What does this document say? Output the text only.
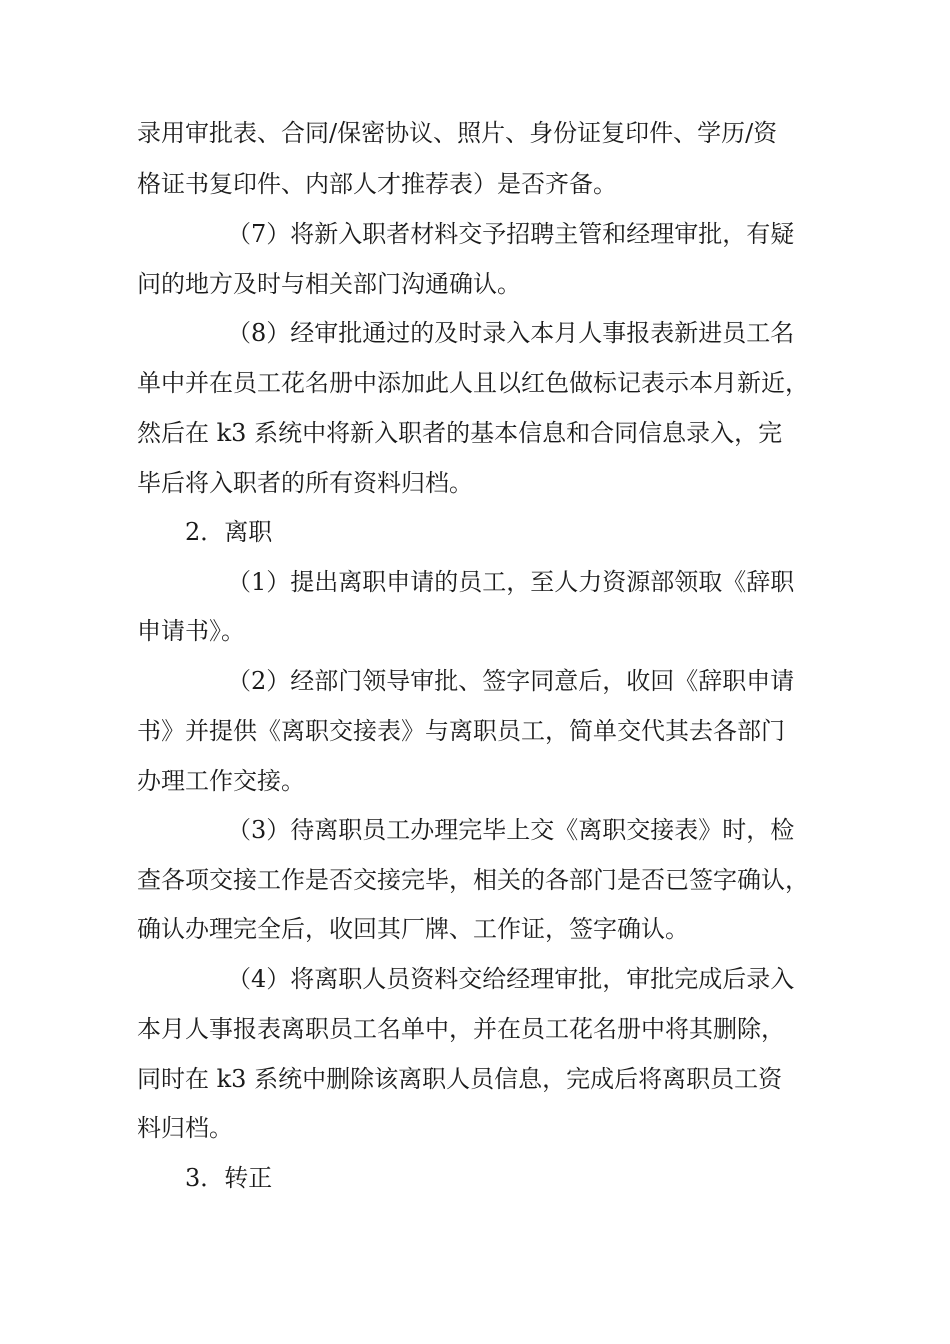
录用审批表、合同/保密协议、照片、身份证复印件、学历/资
格证书复印件、内部人才推荐表）是否齐备。
（7）将新入职者材料交予招聘主管和经理审批，有疑
问的地方及时与相关部门沟通确认。
（8）经审批通过的及时录入本月人事报表新进员工名
单中并在员工花名册中添加此人且以红色做标记表示本月新近，
然后在 k3 系统中将新入职者的基本信息和合同信息录入，完
毕后将入职者的所有资料归档。
2．离职
（1）提出离职申请的员工，至人力资源部领取《辞职
申请书》。
（2）经部门领导审批、签字同意后，收回《辞职申请
书》并提供《离职交接表》与离职员工，简单交代其去各部门
办理工作交接。
（3）待离职员工办理完毕上交《离职交接表》时，检
查各项交接工作是否交接完毕，相关的各部门是否已签字确认，
确认办理完全后，收回其厂牌、工作证，签字确认。
（4）将离职人员资料交给经理审批，审批完成后录入
本月人事报表离职员工名单中，并在员工花名册中将其删除，
同时在 k3 系统中删除该离职人员信息，完成后将离职员工资
料归档。
3．转正
